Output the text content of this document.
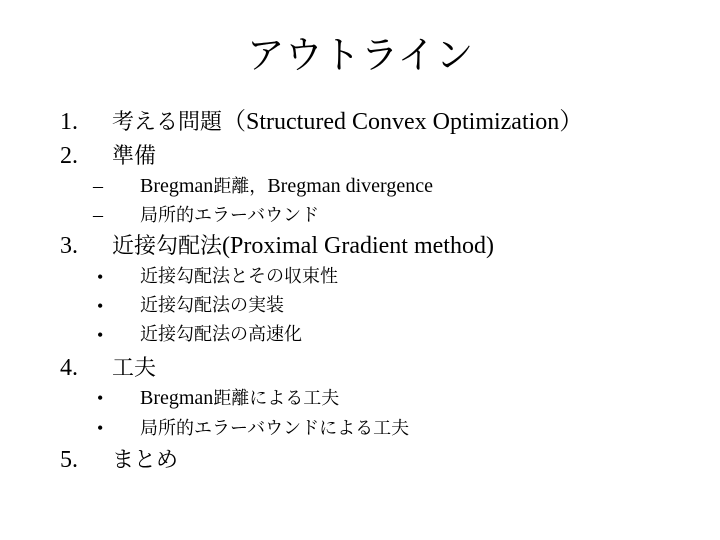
アウトライン
1. 考える問題（Structured Convex Optimization）
2. 準備
– Bregman距離，Bregman divergence
– 局所的エラーバウンド
3. 近接勾配法(Proximal Gradient method)
• 近接勾配法とその収束性
• 近接勾配法の実装
• 近接勾配法の高速化
4. 工夫
• Bregman距離による工夫
• 局所的エラーバウンドによる工夫
5. まとめ
